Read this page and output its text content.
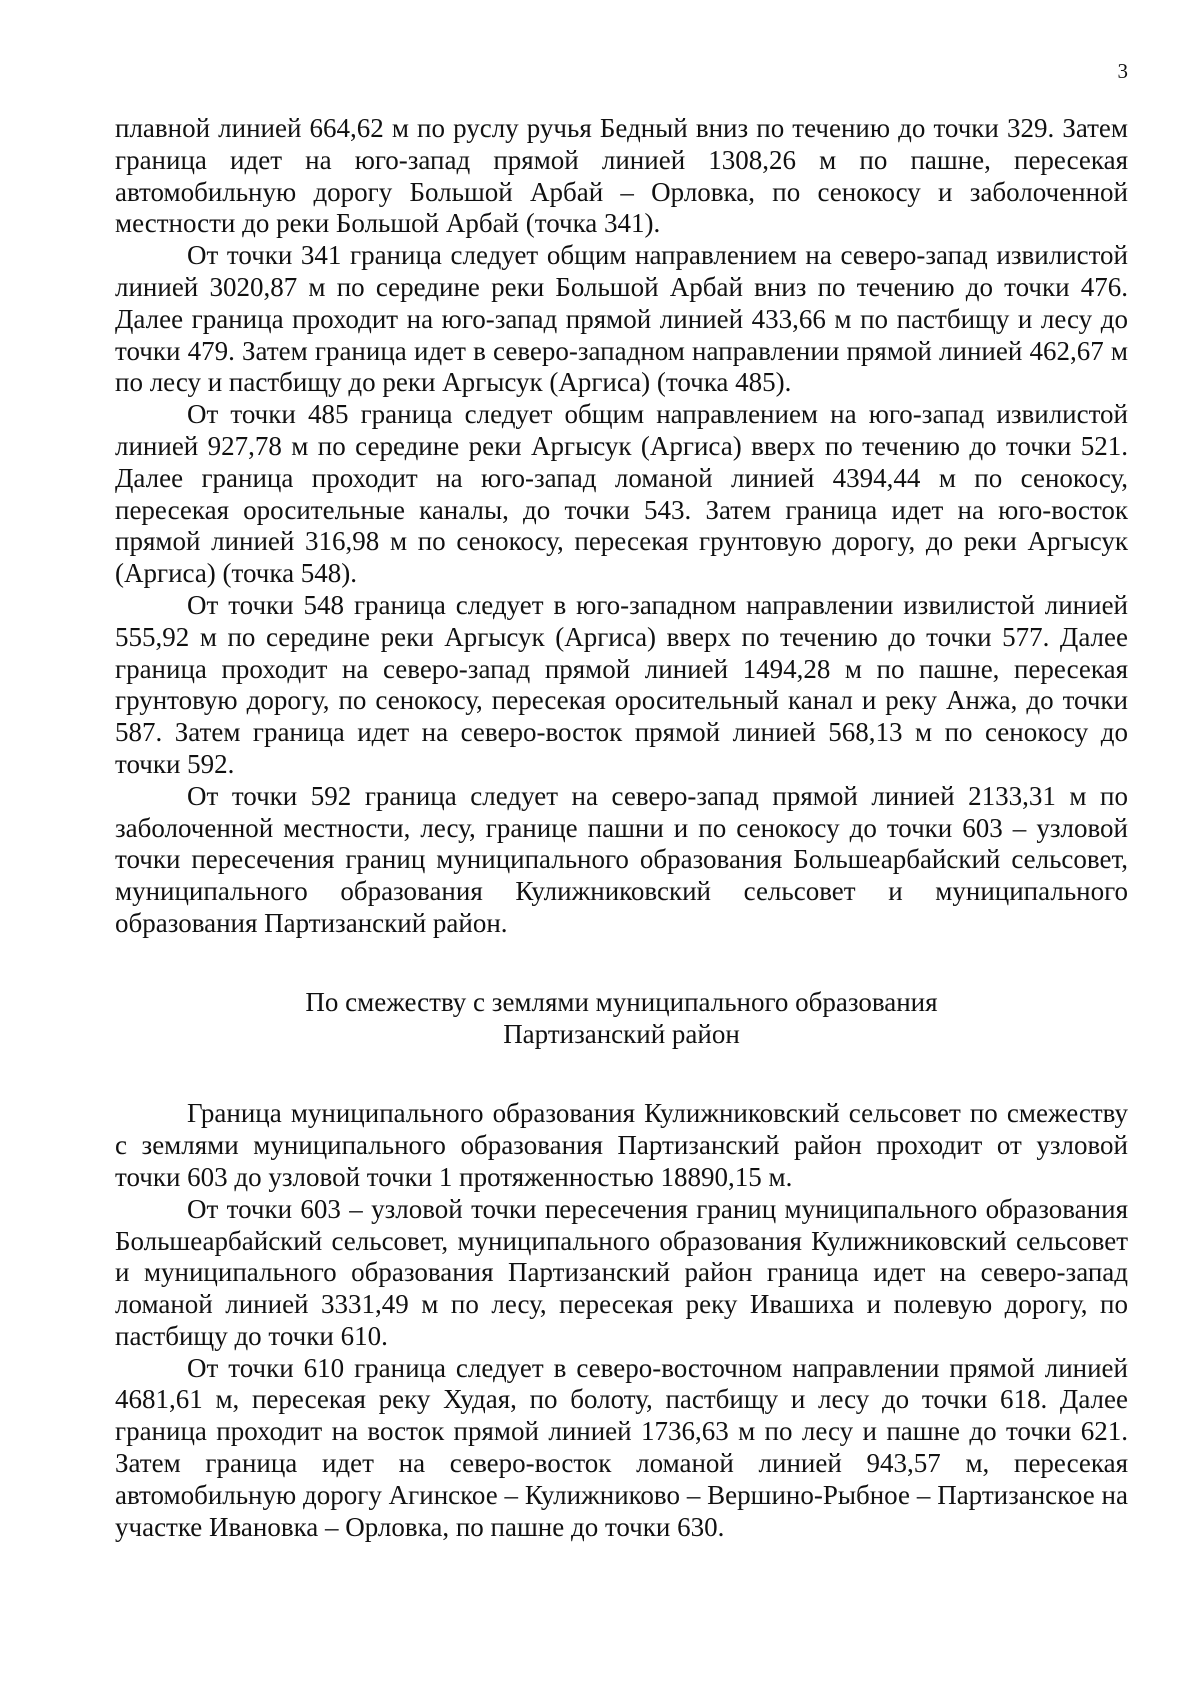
3

плавной линией 664,62 м по руслу ручья Бедный вниз по течению до точки 329. Затем граница идет на юго-запад прямой линией 1308,26 м по пашне, пересекая автомобильную дорогу Большой Арбай – Орловка, по сенокосу и заболоченной местности до реки Большой Арбай (точка 341).

От точки 341 граница следует общим направлением на северо-запад извилистой линией 3020,87 м по середине реки Большой Арбай вниз по течению до точки 476. Далее граница проходит на юго-запад прямой линией 433,66 м по пастбищу и лесу до точки 479. Затем граница идет в северо-западном направлении прямой линией 462,67 м по лесу и пастбищу до реки Аргысук (Аргиса) (точка 485).

От точки 485 граница следует общим направлением на юго-запад извилистой линией 927,78 м по середине реки Аргысук (Аргиса) вверх по течению до точки 521. Далее граница проходит на юго-запад ломаной линией 4394,44 м по сенокосу, пересекая оросительные каналы, до точки 543. Затем граница идет на юго-восток прямой линией 316,98 м по сенокосу, пересекая грунтовую дорогу, до реки Аргысук (Аргиса) (точка 548).

От точки 548 граница следует в юго-западном направлении извилистой линией 555,92 м по середине реки Аргысук (Аргиса) вверх по течению до точки 577. Далее граница проходит на северо-запад прямой линией 1494,28 м по пашне, пересекая грунтовую дорогу, по сенокосу, пересекая оросительный канал и реку Анжа, до точки 587. Затем граница идет на северо-восток прямой линией 568,13 м по сенокосу до точки 592.

От точки 592 граница следует на северо-запад прямой линией 2133,31 м по заболоченной местности, лесу, границе пашни и по сенокосу до точки 603 – узловой точки пересечения границ муниципального образования Большеарбайский сельсовет, муниципального образования Кулижниковский сельсовет и муниципального образования Партизанский район.

По смежеству с землями муниципального образования
Партизанский район

Граница муниципального образования Кулижниковский сельсовет по смежеству с землями муниципального образования Партизанский район проходит от узловой точки 603 до узловой точки 1 протяженностью 18890,15 м.

От точки 603 – узловой точки пересечения границ муниципального образования Большеарбайский сельсовет, муниципального образования Кулижниковский сельсовет и муниципального образования Партизанский район граница идет на северо-запад ломаной линией 3331,49 м по лесу, пересекая реку Ивашиха и полевую дорогу, по пастбищу до точки 610.

От точки 610 граница следует в северо-восточном направлении прямой линией 4681,61 м, пересекая реку Худая, по болоту, пастбищу и лесу до точки 618. Далее граница проходит на восток прямой линией 1736,63 м по лесу и пашне до точки 621. Затем граница идет на северо-восток ломаной линией 943,57 м, пересекая автомобильную дорогу Агинское – Кулижниково – Вершино-Рыбное – Партизанское на участке Ивановка – Орловка, по пашне до точки 630.
